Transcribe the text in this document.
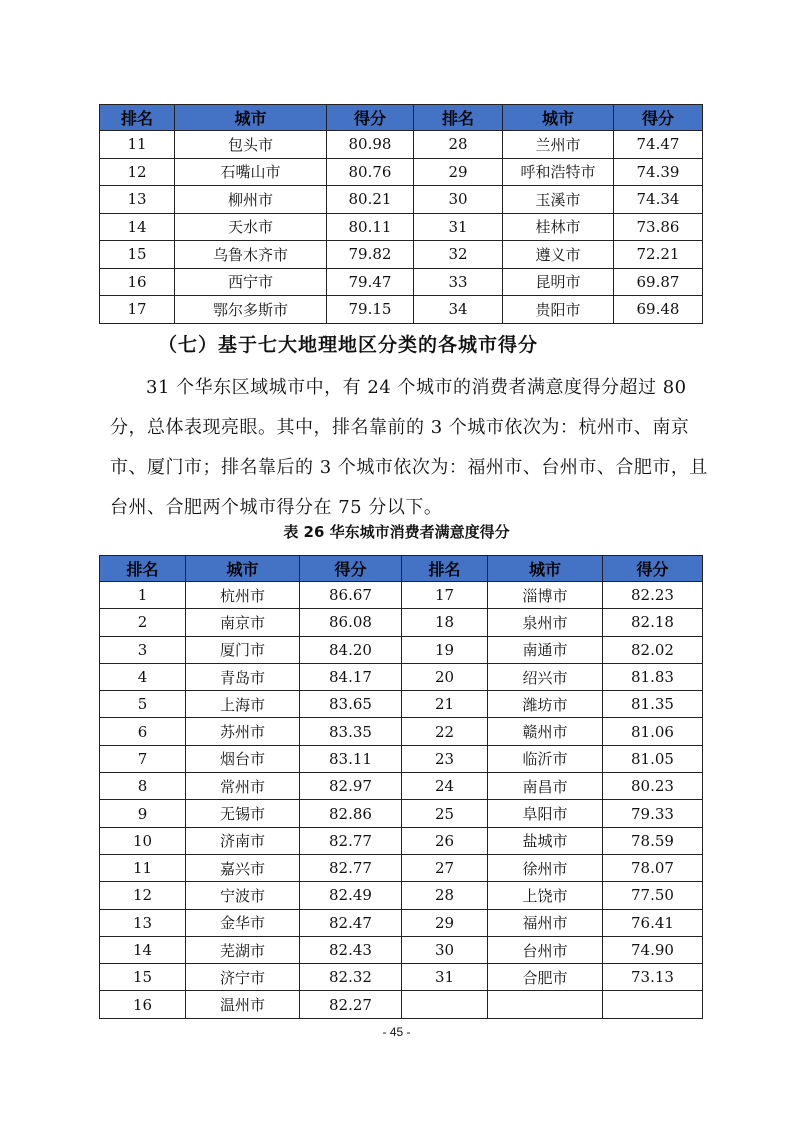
排名	城市	得分	排名	城市	得分
11	包头市	80.98	28	兰州市	74.47
12	石嘴山市	80.76	29	呼和浩特市	74.39
13	柳州市	80.21	30	玉溪市	74.34
14	天水市	80.11	31	桂林市	73.86
15	乌鲁木齐市	79.82	32	遵义市	72.21
16	西宁市	79.47	33	昆明市	69.87
17	鄂尔多斯市	79.15	34	贵阳市	69.48
（七）基于七大地理地区分类的各城市得分

31 个华东区域城市中，有 24 个城市的消费者满意度得分超过 80 分，总体表现亮眼。其中，排名靠前的 3 个城市依次为：杭州市、南京市、厦门市；排名靠后的 3 个城市依次为：福州市、台州市、合肥市，且台州、合肥两个城市得分在 75 分以下。

表 26 华东城市消费者满意度得分
排名	城市	得分	排名	城市	得分
1	杭州市	86.67	17	淄博市	82.23
2	南京市	86.08	18	泉州市	82.18
3	厦门市	84.20	19	南通市	82.02
4	青岛市	84.17	20	绍兴市	81.83
5	上海市	83.65	21	潍坊市	81.35
6	苏州市	83.35	22	赣州市	81.06
7	烟台市	83.11	23	临沂市	81.05
8	常州市	82.97	24	南昌市	80.23
9	无锡市	82.86	25	阜阳市	79.33
10	济南市	82.77	26	盐城市	78.59
11	嘉兴市	82.77	27	徐州市	78.07
12	宁波市	82.49	28	上饶市	77.50
13	金华市	82.47	29	福州市	76.41
14	芜湖市	82.43	30	台州市	74.90
15	济宁市	82.32	31	合肥市	73.13
16	温州市	82.27			
- 45 -
